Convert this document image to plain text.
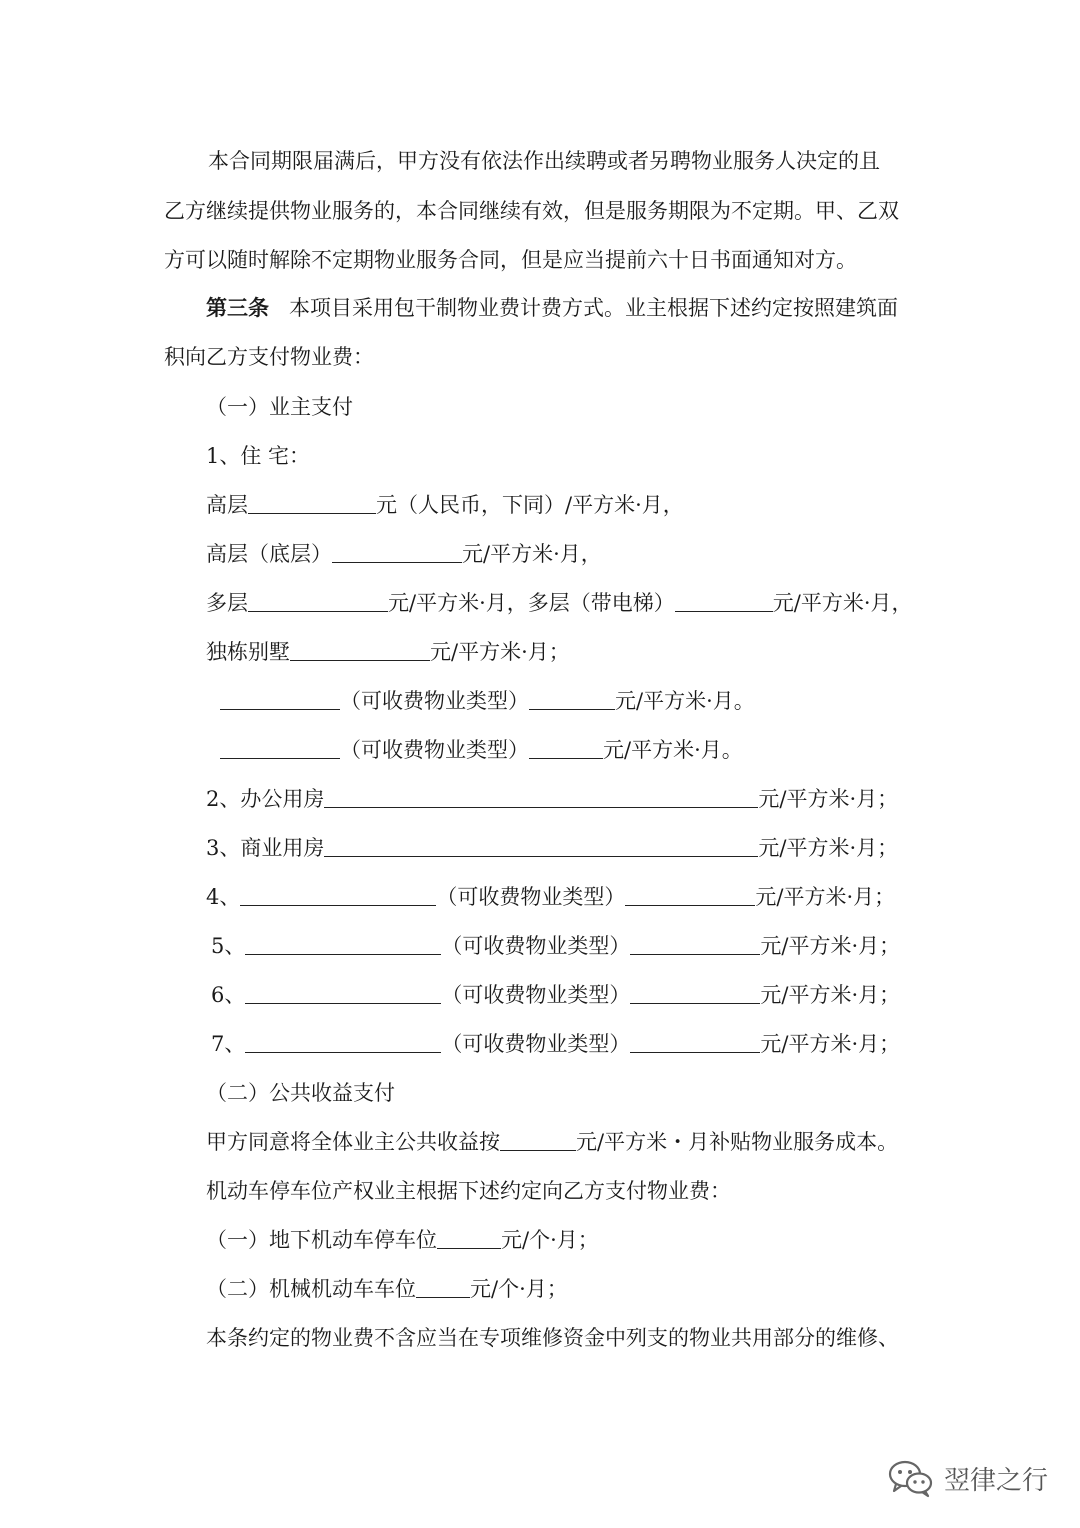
本合同期限届满后，甲方没有依法作出续聘或者另聘物业服务人决定的且
乙方继续提供物业服务的，本合同继续有效，但是服务期限为不定期。甲、乙双
方可以随时解除不定期物业服务合同，但是应当提前六十日书面通知对方。
第三条 本项目采用包干制物业费计费方式。业主根据下述约定按照建筑面
积向乙方支付物业费：
（一）业主支付
1、住 宅：
高层	元（人民币，下同）/平方米·月，
高层（底层）	元/平方米·月，
多层	元/平方米·月，多层（带电梯）	元/平方米·月，
独栋别墅	元/平方米·月；
（可收费物业类型）	元/平方米·月。
（可收费物业类型）	元/平方米·月。
2、办公用房	元/平方米·月；
3、商业用房	元/平方米·月；
4、	（可收费物业类型）	元/平方米·月；
5、	（可收费物业类型）	元/平方米·月；
6、	（可收费物业类型）	元/平方米·月；
7、	（可收费物业类型）	元/平方米·月；
（二）公共收益支付
甲方同意将全体业主公共收益按	元/平方米・月补贴物业服务成本。
机动车停车位产权业主根据下述约定向乙方支付物业费：
（一）地下机动车停车位	元/个·月；
（二）机械机动车车位	元/个·月；
本条约定的物业费不含应当在专项维修资金中列支的物业共用部分的维修、
翌律之行
